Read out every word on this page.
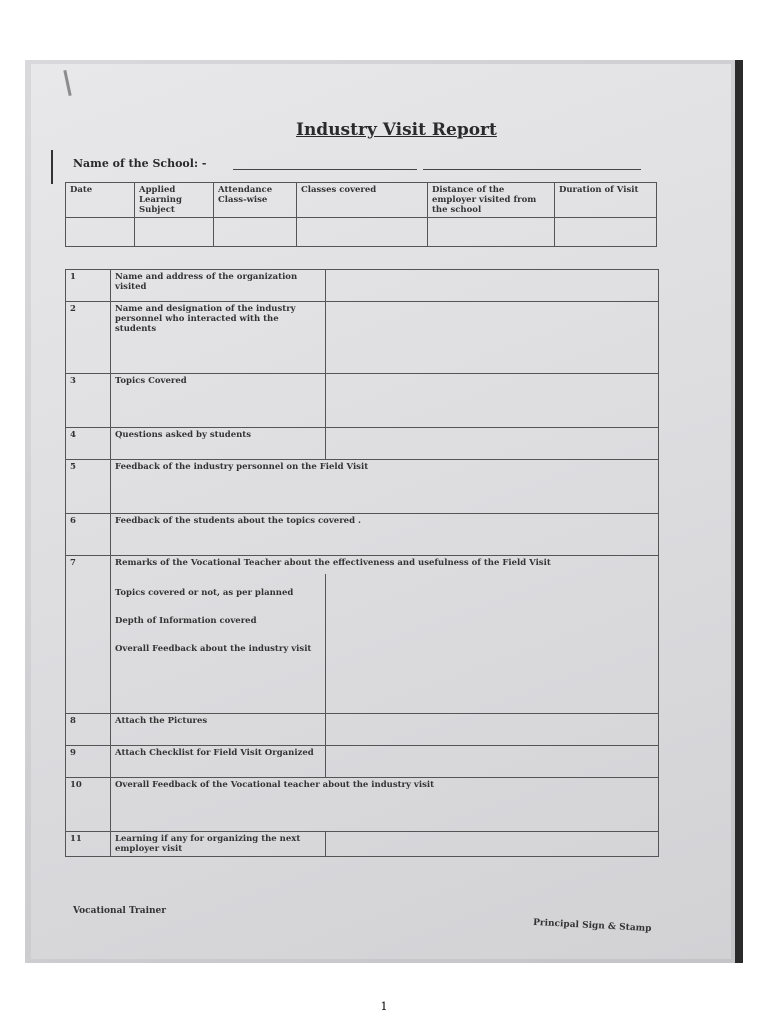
Industry Visit Report
Name of the School: -
Date	Applied Learning Subject	Attendance Class-wise	Classes covered	Distance of the employer visited from the school	Duration of Visit

1	Name and address of the organization visited	
2	Name and designation of the industry personnel who interacted with the students	
3	Topics Covered	
4	Questions asked by students	
5	Feedback of the industry personnel on the Field Visit	
6	Feedback of the students about the topics covered .	
7	Remarks of the Vocational Teacher about the effectiveness and usefulness of the Field Visit	

	Topics covered or not, as per planned
Depth of Information covered
Overall Feedback about the industry visit	

8	Attach the Pictures	
9	Attach Checklist for Field Visit Organized	
10	Overall Feedback of the Vocational teacher about the industry visit	
11	Learning if any for organizing the next employer visit	
Vocational Trainer
Principal Sign & Stamp
1
